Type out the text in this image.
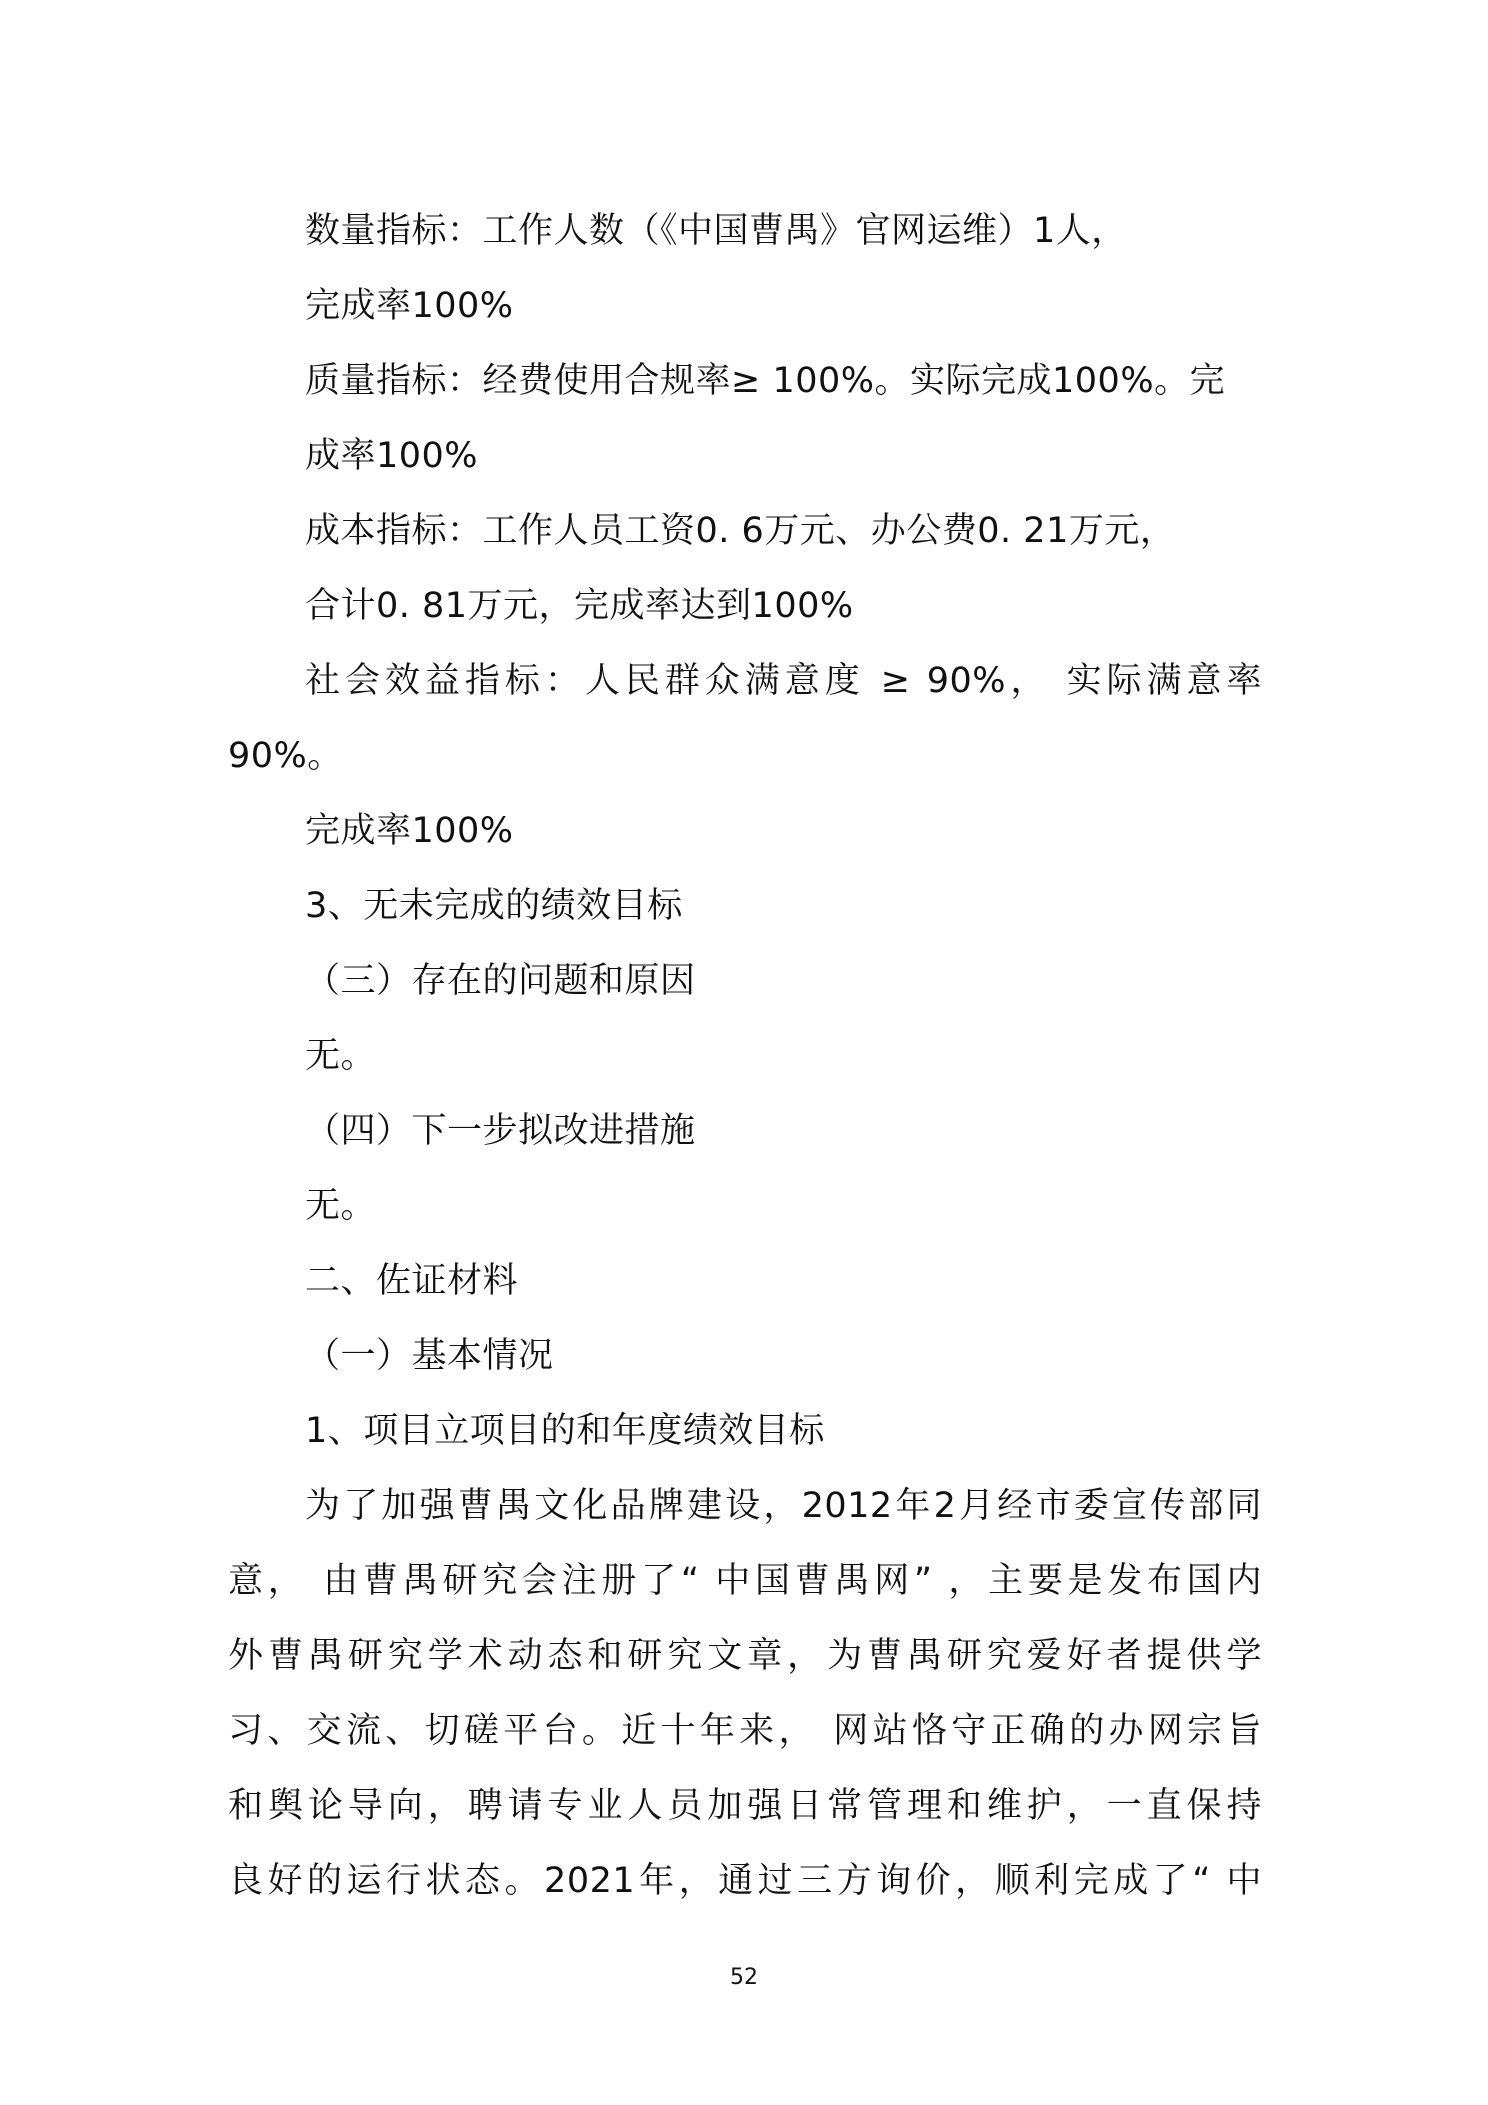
数量指标：工作人数（《中国曹禺》官网运维）1人，
完成率100%
质量指标：经费使用合规率≥ 100%。实际完成100%。完
成率100%
成本指标：工作人员工资0. 6万元、办公费0. 21万元，
合计0. 81万元，完成率达到100%
社会效益指标：人民群众满意度 ≥ 90%， 实际满意率
90%。
完成率100%
3、无未完成的绩效目标
（三）存在的问题和原因
无。
（四）下一步拟改进措施
无。
二、佐证材料
（一）基本情况
1、项目立项目的和年度绩效目标
为了加强曹禺文化品牌建设，2012年2月经市委宣传部同
意， 由曹禺研究会注册了“ 中国曹禺网” ，主要是发布国内
外曹禺研究学术动态和研究文章，为曹禺研究爱好者提供学
习、交流、切磋平台。近十年来， 网站恪守正确的办网宗旨
和舆论导向，聘请专业人员加强日常管理和维护，一直保持
良好的运行状态。2021年，通过三方询价，顺利完成了“ 中
52
